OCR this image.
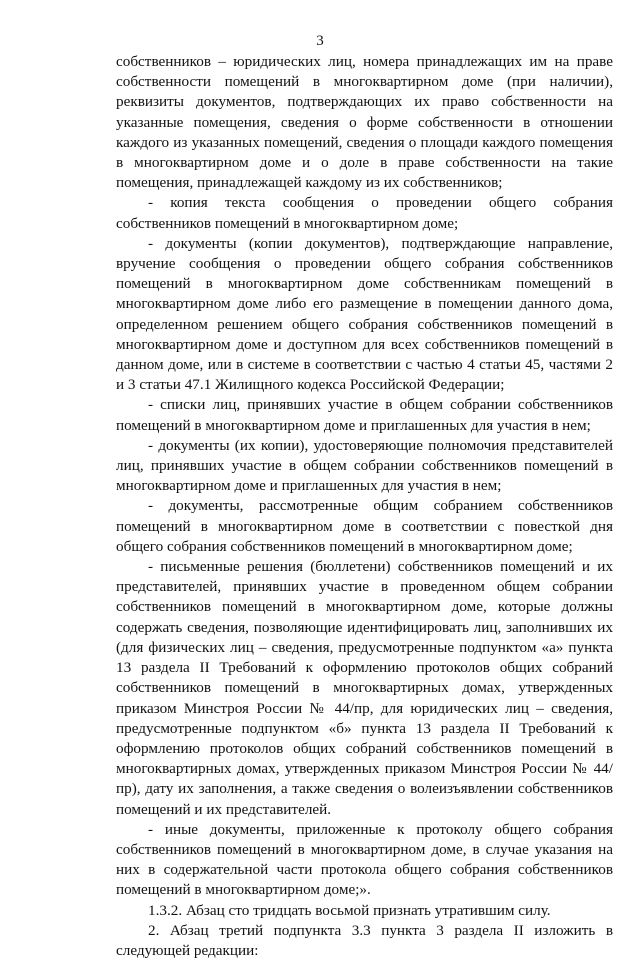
3

собственников – юридических лиц, номера принадлежащих им на праве собственности помещений в многоквартирном доме (при наличии), реквизиты документов, подтверждающих их право собственности на указанные помещения, сведения о форме собственности в отношении каждого из указанных помещений, сведения о площади каждого помещения в многоквартирном доме и о доле в праве собственности на такие помещения, принадлежащей каждому из их собственников;

- копия текста сообщения о проведении общего собрания собственников помещений в многоквартирном доме;

- документы (копии документов), подтверждающие направление, вручение сообщения о проведении общего собрания собственников помещений в многоквартирном доме собственникам помещений в многоквартирном доме либо его размещение в помещении данного дома, определенном решением общего собрания собственников помещений в многоквартирном доме и доступном для всех собственников помещений в данном доме, или в системе в соответствии с частью 4 статьи 45, частями 2 и 3 статьи 47.1 Жилищного кодекса Российской Федерации;

- списки лиц, принявших участие в общем собрании собственников помещений в многоквартирном доме и приглашенных для участия в нем;

- документы (их копии), удостоверяющие полномочия представителей лиц, принявших участие в общем собрании собственников помещений в многоквартирном доме и приглашенных для участия в нем;

- документы, рассмотренные общим собранием собственников помещений в многоквартирном доме в соответствии с повесткой дня общего собрания собственников помещений в многоквартирном доме;

- письменные решения (бюллетени) собственников помещений и их представителей, принявших участие в проведенном общем собрании собственников помещений в многоквартирном доме, которые должны содержать сведения, позволяющие идентифицировать лиц, заполнивших их (для физических лиц – сведения, предусмотренные подпунктом «а» пункта 13 раздела II Требований к оформлению протоколов общих собраний собственников помещений в многоквартирных домах, утвержденных приказом Минстроя России № 44/пр, для юридических лиц – сведения, предусмотренные подпунктом «б» пункта 13 раздела II Требований к оформлению протоколов общих собраний собственников помещений в многоквартирных домах, утвержденных приказом Минстроя России № 44/пр), дату их заполнения, а также сведения о волеизъявлении собственников помещений и их представителей.

- иные документы, приложенные к протоколу общего собрания собственников помещений в многоквартирном доме, в случае указания на них в содержательной части протокола общего собрания собственников помещений в многоквартирном доме;».

1.3.2. Абзац сто тридцать восьмой признать утратившим силу.

2. Абзац третий подпункта 3.3 пункта 3 раздела II изложить в следующей редакции:
